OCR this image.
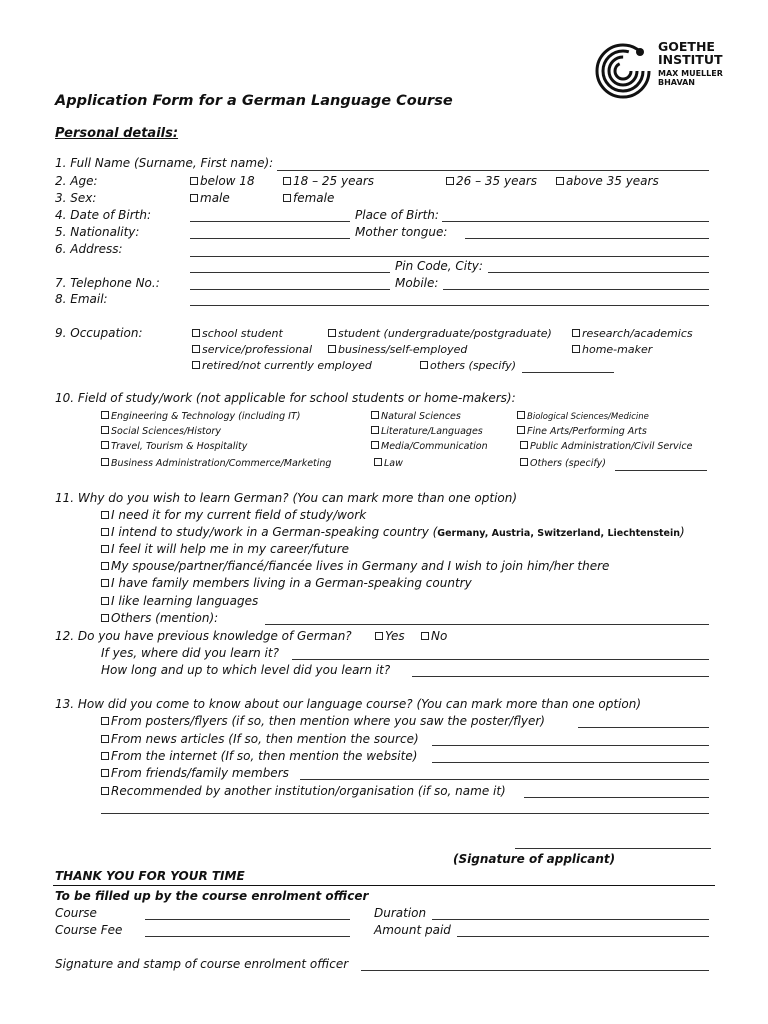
GOETHE
INSTITUT
MAX MUELLER
BHAVAN
Application Form for a German Language Course
Personal details:
1. Full Name (Surname, First name):
2. Age:	below 18	18 – 25 years	26 – 35 years	above 35 years
3. Sex:	male	female
4. Date of Birth:	Place of Birth:
5. Nationality:	Mother tongue:
6. Address:
Pin Code, City:
7. Telephone No.:	Mobile:
8. Email:
9. Occupation:	school student	student (undergraduate/postgraduate)	research/academics
service/professional	business/self-employed	home-maker
retired/not currently employed	others (specify)
10. Field of study/work (not applicable for school students or home-makers):
Engineering & Technology (including IT)	Natural Sciences	Biological Sciences/Medicine
Social Sciences/History	Literature/Languages	Fine Arts/Performing Arts
Travel, Tourism & Hospitality	Media/Communication	Public Administration/Civil Service
Business Administration/Commerce/Marketing	Law	Others (specify)
11. Why do you wish to learn German? (You can mark more than one option)
I need it for my current field of study/work
I intend to study/work in a German-speaking country (Germany, Austria, Switzerland, Liechtenstein)
I feel it will help me in my career/future
My spouse/partner/fiancé/fiancée lives in Germany and I wish to join him/her there
I have family members living in a German-speaking country
I like learning languages
Others (mention):
12. Do you have previous knowledge of German?	Yes	No
If yes, where did you learn it?
How long and up to which level did you learn it?
13. How did you come to know about our language course? (You can mark more than one option)
From posters/flyers (if so, then mention where you saw the poster/flyer)
From news articles (If so, then mention the source)
From the internet (If so, then mention the website)
From friends/family members
Recommended by another institution/organisation (if so, name it)
(Signature of applicant)
THANK YOU FOR YOUR TIME
To be filled up by the course enrolment officer
Course	Duration
Course Fee	Amount paid
Signature and stamp of course enrolment officer
